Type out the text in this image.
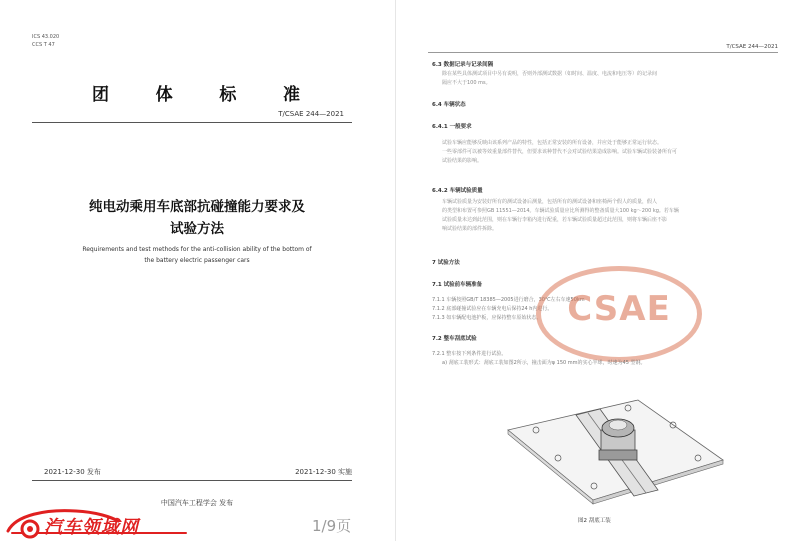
ICS 43.020
CCS T 47
团	体	标	准
T/CSAE 244—2021
纯电动乘用车底部抗碰撞能力要求及
试验方法
Requirements and test methods for the anti-collision ability of the bottom of
the battery electric passenger cars
2021-12-30 发布	2021-12-30 实施
中国汽车工程学会 发布
T/CSAE 244—2021
6.3 数据记录与记录间隔
除在某些具体测试项目中另有说明，否则外部测试数据（如时间、温度、电流和电压等）的记录间
隔应不大于100 ms。
6.4 车辆状态
6.4.1 一般要求
试验车辆应能够反映由该系列产品的特性，包括正常安装的所有设备，并应处于能够正常运行状态。
一些零部件可以被等效重量部件替代，但要求该种替代不会对试验结果造成影响。试验车辆试验装备所有可
试验结果的影响。
6.4.2 车辆试验质量
车辆试验质量为安装好所有的测试设备后测量，包括所有的测试设备和座椅两个假人的质量，假人
的类型和布置可参照GB 11551—2014。车辆试验质量应比所测得的整备质量大100 kg～200 kg。若车辆
试验质量未达到此范围，则在车辆行李箱内进行配重，若车辆试验质量超过此范围，则将车辆后座不影
响试验结果的部件拆除。
7 试验方法
7.1 试验前车辆准备
7.1.1 车辆按照GB/T 18385—2005进行磨合，30℃左右车速50km
7.1.2 底部碰撞试验应在车辆充电后保持24 h内进行。
7.1.3 如车辆配电池护板，应保持整车原始状态。 CSAE
7.2 整车刮底试验
7.2.1 整车按下列条件进行试验。
a) 刮底工装形式：刮底工装如图2所示，撞击面为φ 150 mm的实心半球，时速为45 型钢。
图2 刮底工装
1/9页
汽车领域网
